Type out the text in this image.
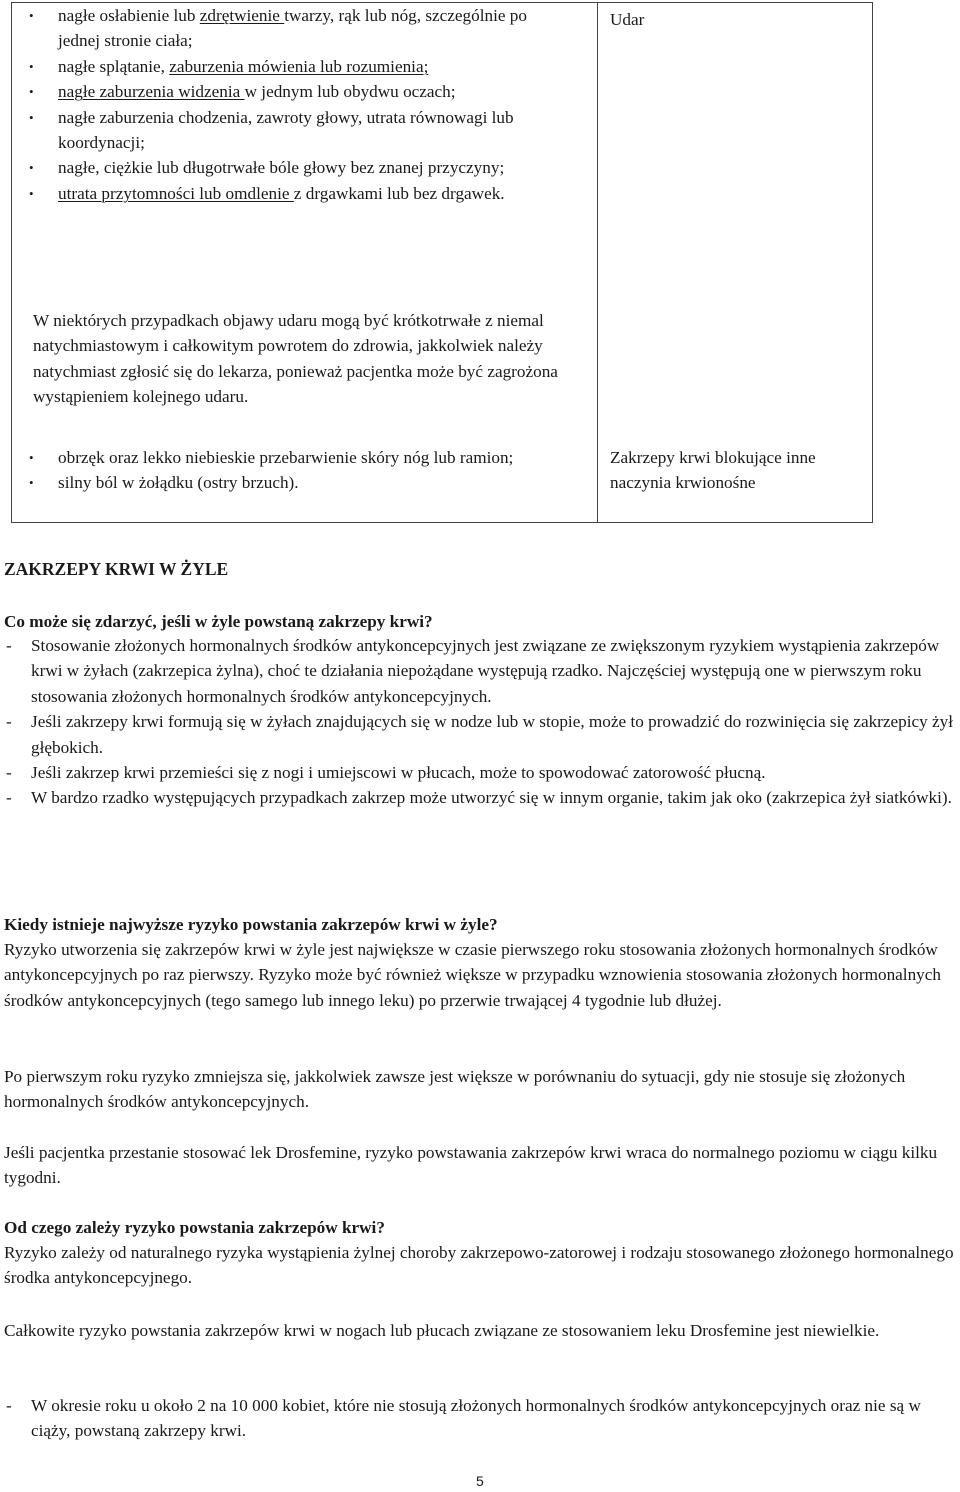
• nagłe osłabienie lub zdrętwienie twarzy, rąk lub nóg, szczególnie po jednej stronie ciała;
• nagłe splątanie, zaburzenia mówienia lub rozumienia;
• nagłe zaburzenia widzenia w jednym lub obydwu oczach;
• nagłe zaburzenia chodzenia, zawroty głowy, utrata równowagi lub koordynacji;
• nagłe, ciężkie lub długotrwałe bóle głowy bez znanej przyczyny;
• utrata przytomności lub omdlenie z drgawkami lub bez drgawek.

W niektórych przypadkach objawy udaru mogą być krótkotrwałe z niemal natychmiastowym i całkowitym powrotem do zdrowia, jakkolwiek należy natychmiast zgłosić się do lekarza, ponieważ pacjentka może być zagrożona wystąpieniem kolejnego udaru.

• obrzęk oraz lekko niebieskie przebarwienie skóry nóg lub ramion;
• silny ból w żołądku (ostry brzuch).

Udar

Zakrzepy krwi blokujące inne naczynia krwionośne

ZAKRZEPY KRWI W ŻYLE

Co może się zdarzyć, jeśli w żyle powstaną zakrzepy krwi?

- Stosowanie złożonych hormonalnych środków antykoncepcyjnych jest związane ze zwiększonym ryzykiem wystąpienia zakrzepów krwi w żyłach (zakrzepica żylna), choć te działania niepożądane występują rzadko. Najczęściej występują one w pierwszym roku stosowania złożonych hormonalnych środków antykoncepcyjnych.
- Jeśli zakrzepy krwi formują się w żyłach znajdujących się w nodze lub w stopie, może to prowadzić do rozwinięcia się zakrzepicy żył głębokich.
- Jeśli zakrzep krwi przemieści się z nogi i umiejscowi w płucach, może to spowodować zatorowość płucną.
- W bardzo rzadko występujących przypadkach zakrzep może utworzyć się w innym organie, takim jak oko (zakrzepica żył siatkówki).

Kiedy istnieje najwyższe ryzyko powstania zakrzepów krwi w żyle?

Ryzyko utworzenia się zakrzepów krwi w żyle jest największe w czasie pierwszego roku stosowania złożonych hormonalnych środków antykoncepcyjnych po raz pierwszy. Ryzyko może być również większe w przypadku wznowienia stosowania złożonych hormonalnych środków antykoncepcyjnych (tego samego lub innego leku) po przerwie trwającej 4 tygodnie lub dłużej.

Po pierwszym roku ryzyko zmniejsza się, jakkolwiek zawsze jest większe w porównaniu do sytuacji, gdy nie stosuje się złożonych hormonalnych środków antykoncepcyjnych.

Jeśli pacjentka przestanie stosować lek Drosfemine, ryzyko powstawania zakrzepów krwi wraca do normalnego poziomu w ciągu kilku tygodni.

Od czego zależy ryzyko powstania zakrzepów krwi?

Ryzyko zależy od naturalnego ryzyka wystąpienia żylnej choroby zakrzepowo-zatorowej i rodzaju stosowanego złożonego hormonalnego środka antykoncepcyjnego.

Całkowite ryzyko powstania zakrzepów krwi w nogach lub płucach związane ze stosowaniem leku Drosfemine jest niewielkie.

- W okresie roku u około 2 na 10 000 kobiet, które nie stosują złożonych hormonalnych środków antykoncepcyjnych oraz nie są w ciąży, powstaną zakrzepy krwi.

5
